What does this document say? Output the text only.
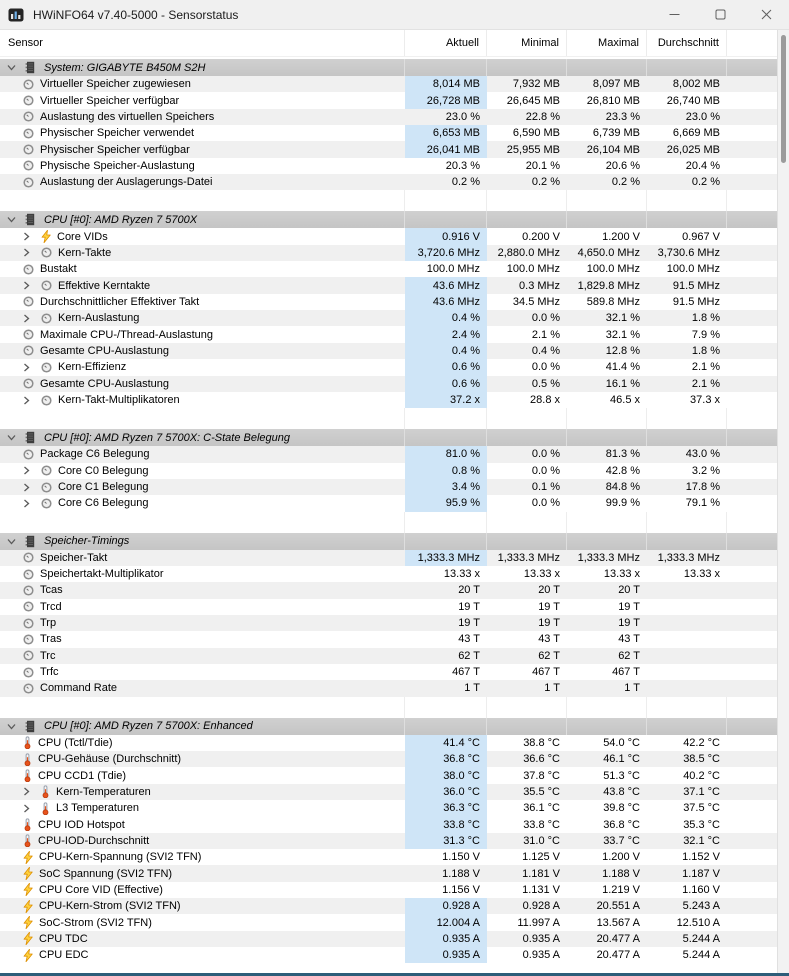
HWiNFO64 v7.40-5000 - Sensorstatus
Sensor	Aktuell	Minimal	Maximal	Durchschnitt
System: GIGABYTE B450M S2H
Virtueller Speicher zugewiesen	8,014 MB	7,932 MB	8,097 MB	8,002 MB
Virtueller Speicher verfügbar	26,728 MB	26,645 MB	26,810 MB	26,740 MB
Auslastung des virtuellen Speichers	23.0 %	22.8 %	23.3 %	23.0 %
Physischer Speicher verwendet	6,653 MB	6,590 MB	6,739 MB	6,669 MB
Physischer Speicher verfügbar	26,041 MB	25,955 MB	26,104 MB	26,025 MB
Physische Speicher-Auslastung	20.3 %	20.1 %	20.6 %	20.4 %
Auslastung der Auslagerungs-Datei	0.2 %	0.2 %	0.2 %	0.2 %
CPU [#0]: AMD Ryzen 7 5700X
Core VIDs	0.916 V	0.200 V	1.200 V	0.967 V
Kern-Takte	3,720.6 MHz	2,880.0 MHz	4,650.0 MHz	3,730.6 MHz
Bustakt	100.0 MHz	100.0 MHz	100.0 MHz	100.0 MHz
Effektive Kerntakte	43.6 MHz	0.3 MHz	1,829.8 MHz	91.5 MHz
Durchschnittlicher Effektiver Takt	43.6 MHz	34.5 MHz	589.8 MHz	91.5 MHz
Kern-Auslastung	0.4 %	0.0 %	32.1 %	1.8 %
Maximale CPU-/Thread-Auslastung	2.4 %	2.1 %	32.1 %	7.9 %
Gesamte CPU-Auslastung	0.4 %	0.4 %	12.8 %	1.8 %
Kern-Effizienz	0.6 %	0.0 %	41.4 %	2.1 %
Gesamte CPU-Auslastung	0.6 %	0.5 %	16.1 %	2.1 %
Kern-Takt-Multiplikatoren	37.2 x	28.8 x	46.5 x	37.3 x
CPU [#0]: AMD Ryzen 7 5700X: C-State Belegung
Package C6 Belegung	81.0 %	0.0 %	81.3 %	43.0 %
Core C0 Belegung	0.8 %	0.0 %	42.8 %	3.2 %
Core C1 Belegung	3.4 %	0.1 %	84.8 %	17.8 %
Core C6 Belegung	95.9 %	0.0 %	99.9 %	79.1 %
Speicher-Timings
Speicher-Takt	1,333.3 MHz	1,333.3 MHz	1,333.3 MHz	1,333.3 MHz
Speichertakt-Multiplikator	13.33 x	13.33 x	13.33 x	13.33 x
Tcas	20 T	20 T	20 T
Trcd	19 T	19 T	19 T
Trp	19 T	19 T	19 T
Tras	43 T	43 T	43 T
Trc	62 T	62 T	62 T
Trfc	467 T	467 T	467 T
Command Rate	1 T	1 T	1 T
CPU [#0]: AMD Ryzen 7 5700X: Enhanced
CPU (Tctl/Tdie)	41.4 °C	38.8 °C	54.0 °C	42.2 °C
CPU-Gehäuse (Durchschnitt)	36.8 °C	36.6 °C	46.1 °C	38.5 °C
CPU CCD1 (Tdie)	38.0 °C	37.8 °C	51.3 °C	40.2 °C
Kern-Temperaturen	36.0 °C	35.5 °C	43.8 °C	37.1 °C
L3 Temperaturen	36.3 °C	36.1 °C	39.8 °C	37.5 °C
CPU IOD Hotspot	33.8 °C	33.8 °C	36.8 °C	35.3 °C
CPU-IOD-Durchschnitt	31.3 °C	31.0 °C	33.7 °C	32.1 °C
CPU-Kern-Spannung (SVI2 TFN)	1.150 V	1.125 V	1.200 V	1.152 V
SoC Spannung (SVI2 TFN)	1.188 V	1.181 V	1.188 V	1.187 V
CPU Core VID (Effective)	1.156 V	1.131 V	1.219 V	1.160 V
CPU-Kern-Strom (SVI2 TFN)	0.928 A	0.928 A	20.551 A	5.243 A
SoC-Strom (SVI2 TFN)	12.004 A	11.997 A	13.567 A	12.510 A
CPU TDC	0.935 A	0.935 A	20.477 A	5.244 A
CPU EDC	0.935 A	0.935 A	20.477 A	5.244 A
